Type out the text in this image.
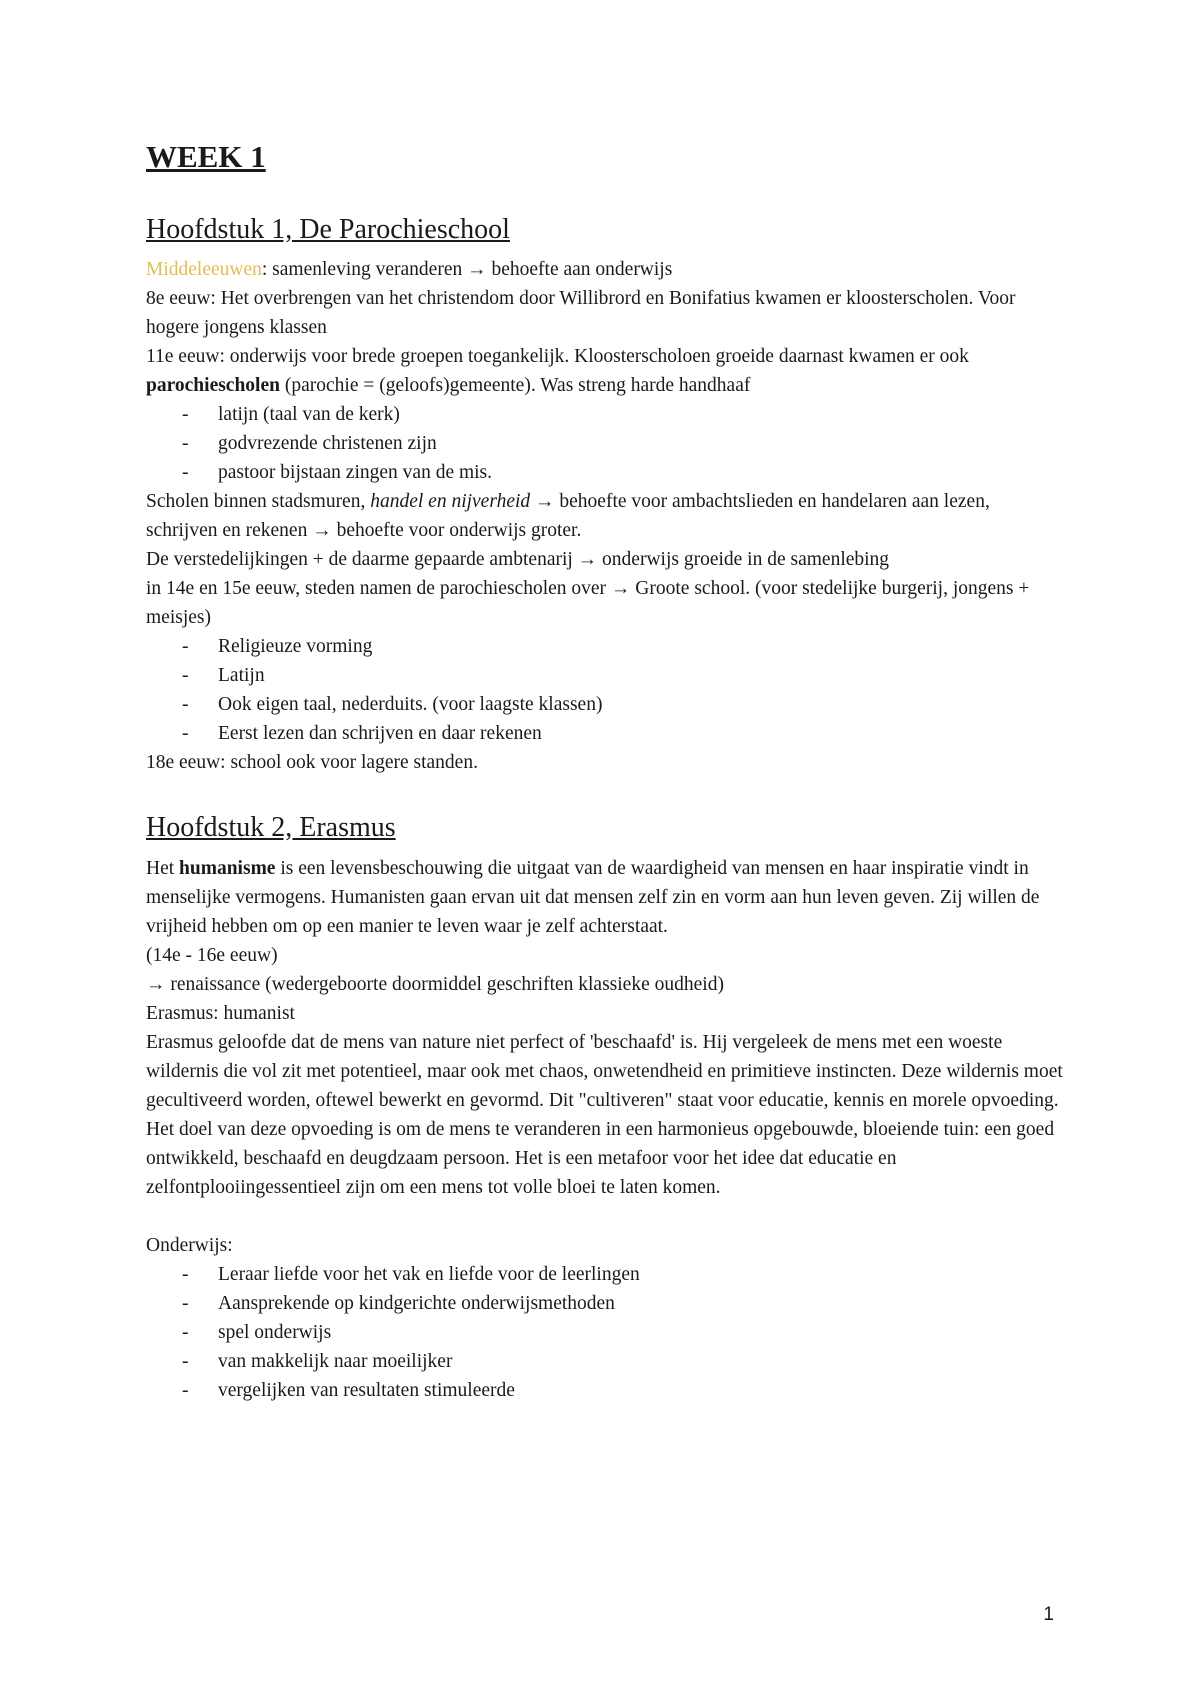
WEEK 1
Hoofdstuk 1, De Parochieschool

Middeleeuwen: samenleving veranderen → behoefte aan onderwijs

8e eeuw: Het overbrengen van het christendom door Willibrord en Bonifatius kwamen er kloosterscholen. Voor hogere jongens klassen

11e eeuw: onderwijs voor brede groepen toegankelijk. Kloosterscholoen groeide daarnast kwamen er ook parochiescholen (parochie = (geloofs)gemeente). Was streng harde handhaaf

- latijn (taal van de kerk)
- godvrezende christenen zijn
- pastoor bijstaan zingen van de mis.

Scholen binnen stadsmuren, handel en nijverheid → behoefte voor ambachtslieden en handelaren aan lezen, schrijven en rekenen → behoefte voor onderwijs groter.

De verstedelijkingen + de daarme gepaarde ambtenarij → onderwijs groeide in de samenlebing

in 14e en 15e eeuw, steden namen de parochiescholen over → Groote school. (voor stedelijke burgerij, jongens + meisjes)

- Religieuze vorming
- Latijn
- Ook eigen taal, nederduits. (voor laagste klassen)
- Eerst lezen dan schrijven en daar rekenen

18e eeuw: school ook voor lagere standen.

Hoofdstuk 2, Erasmus

Het humanisme is een levensbeschouwing die uitgaat van de waardigheid van mensen en haar inspiratie vindt in menselijke vermogens. Humanisten gaan ervan uit dat mensen zelf zin en vorm aan hun leven geven. Zij willen de vrijheid hebben om op een manier te leven waar je zelf achterstaat.

(14e - 16e eeuw)

→ renaissance (wedergeboorte doormiddel geschriften klassieke oudheid)

Erasmus: humanist

Erasmus geloofde dat de mens van nature niet perfect of 'beschaafd' is. Hij vergeleek de mens met een woeste wildernis die vol zit met potentieel, maar ook met chaos, onwetendheid en primitieve instincten. Deze wildernis moet gecultiveerd worden, oftewel bewerkt en gevormd. Dit "cultiveren" staat voor educatie, kennis en morele opvoeding. Het doel van deze opvoeding is om de mens te veranderen in een harmonieus opgebouwde, bloeiende tuin: een goed ontwikkeld, beschaafd en deugdzaam persoon. Het is een metafoor voor het idee dat educatie en zelfontplooiingessentieel zijn om een mens tot volle bloei te laten komen.

Onderwijs:

- Leraar liefde voor het vak en liefde voor de leerlingen
- Aansprekende op kindgerichte onderwijsmethoden
- spel onderwijs
- van makkelijk naar moeilijker
- vergelijken van resultaten stimuleerde
1
